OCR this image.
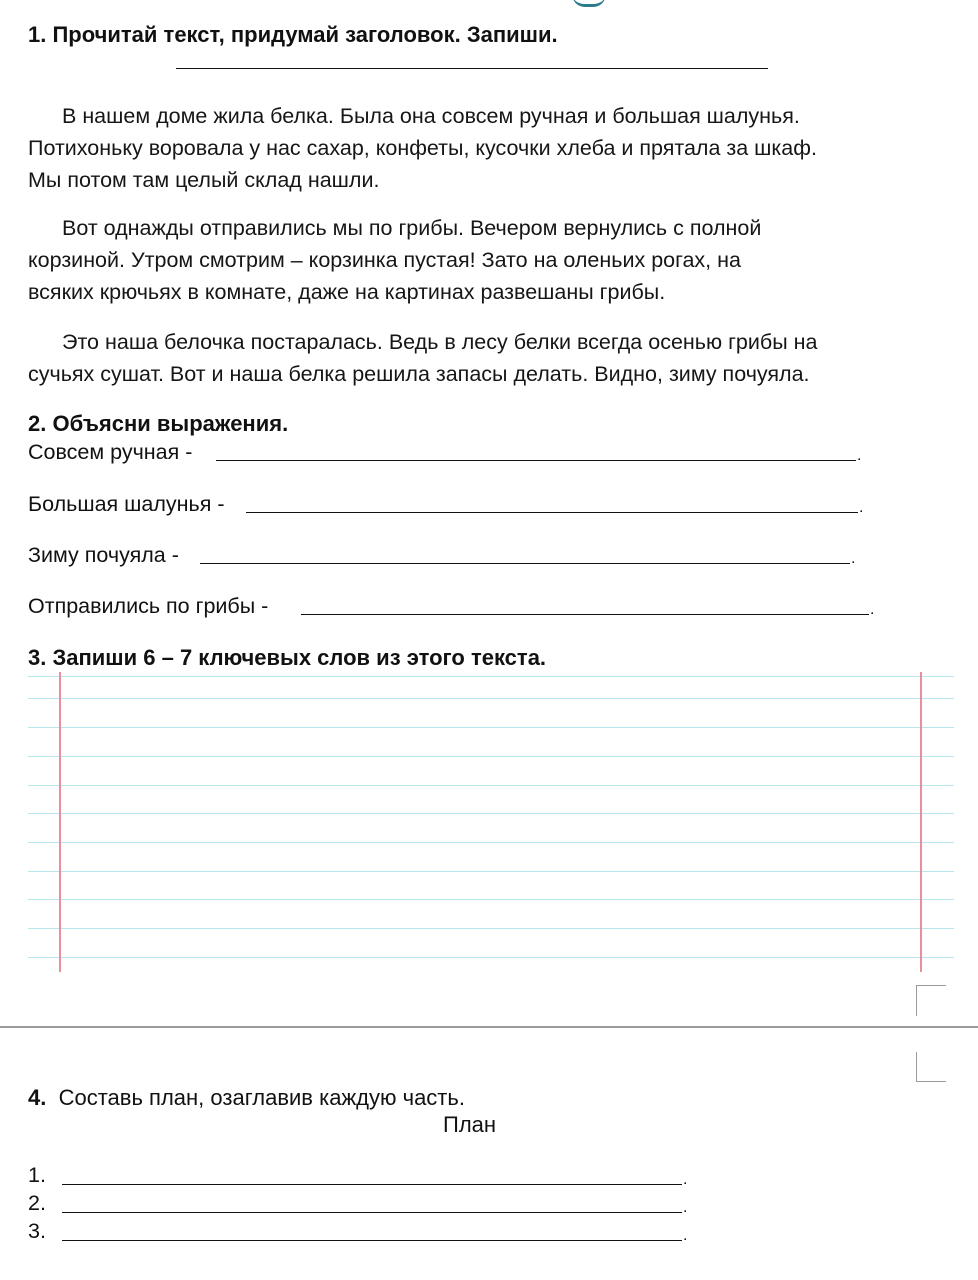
1. Прочитай текст, придумай заголовок. Запиши.
В нашем доме жила белка. Была она совсем ручная и большая шалунья.
Потихоньку воровала у нас сахар, конфеты, кусочки хлеба и прятала за шкаф.
Мы потом там целый склад нашли.
Вот однажды отправились мы по грибы. Вечером вернулись с полной
корзиной. Утром смотрим – корзинка пустая! Зато на оленьих рогах, на
всяких крючьях в комнате, даже на картинах развешаны грибы.
Это наша белочка постаралась. Ведь в лесу белки всегда осенью грибы на
сучьях сушат. Вот и наша белка решила запасы делать. Видно, зиму почуяла.
2. Объясни выражения.
Совсем ручная -	.
Большая шалунья -	.
Зиму почуяла -	.
Отправились по грибы -	.
3. Запиши 6 – 7 ключевых слов из этого текста.
4. Составь план, озаглавив каждую часть.
План
1.	.
2.	.
3.	.
